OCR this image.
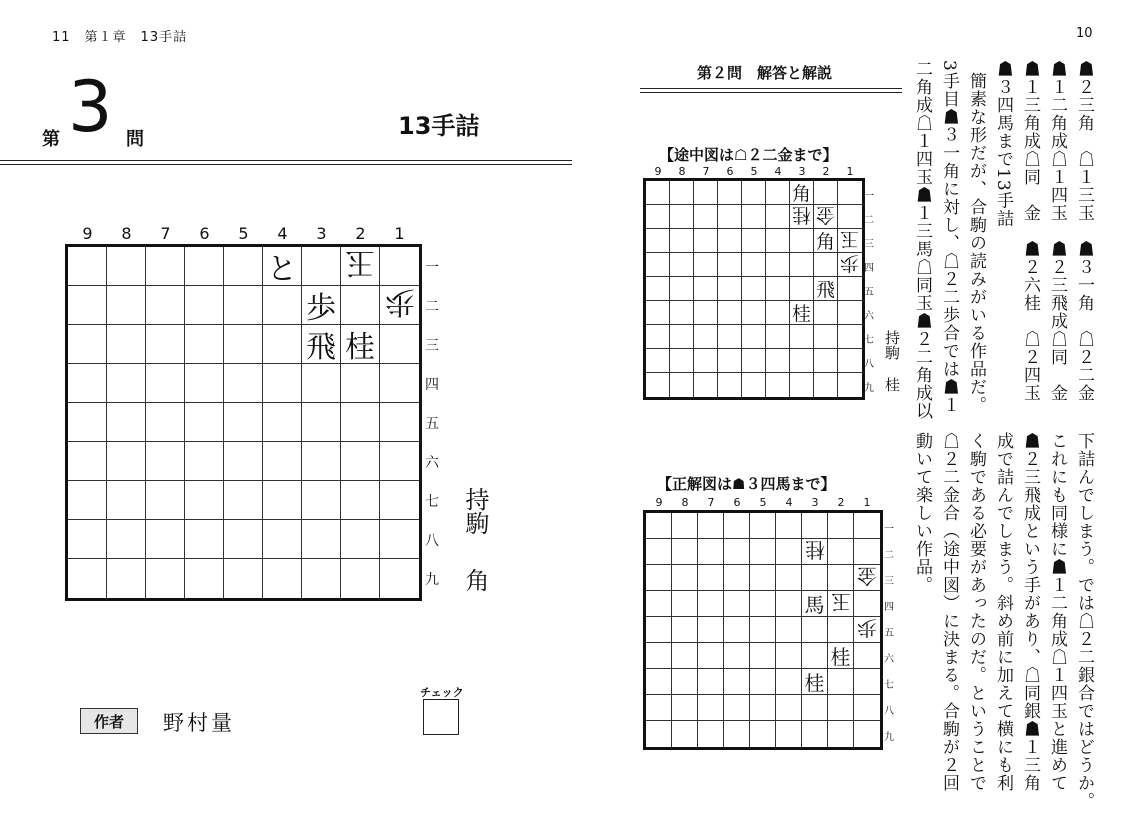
11　第１章　13手詰	10
第 3 問	13手詰
持駒
角
作者	野村量
チェック
第２問　解答と解説
【途中図は☖２二金まで】
【正解図は☗３四馬まで】
持駒
桂	☗２三角　☖１三玉　☗３一角　☖２二金
☗１二角成☖１四玉　☗２三飛成☖同　金
☗１三角成☖同　金　☗２六桂　☖２四玉
☗３四馬まで13手詰
簡素な形だが、合駒の読みがいる作品だ。
3手目☗３一角に対し、☖２二歩合では☗１
二角成☖１四玉☗１三馬☖同玉☗２二角成以
下詰んでしまう。では☖２二銀合ではどうか。
これにも同様に☗１二角成☖１四玉と進めて
☗２三飛成という手があり、☖同銀☗１三角
成で詰んでしまう。斜め前に加えて横にも利
く駒である必要があったのだ。ということで
☖２二金合（途中図）に決まる。合駒が２回
動いて楽しい作品。
と 玉
歩 歩
飛 桂
9	8	7	6	5	4	3	2	1
一
二
三
四
五
六
七
八
九
角
桂 金
角 玉
歩
飛
桂
9	8	7	6	5	4	3	2	1
一
二
三
四
五
六
七
八
九
桂
金
馬 玉
歩
桂
桂
9	8	7	6	5	4	3	2	1
一
二
三
四
五
六
七
八
九
